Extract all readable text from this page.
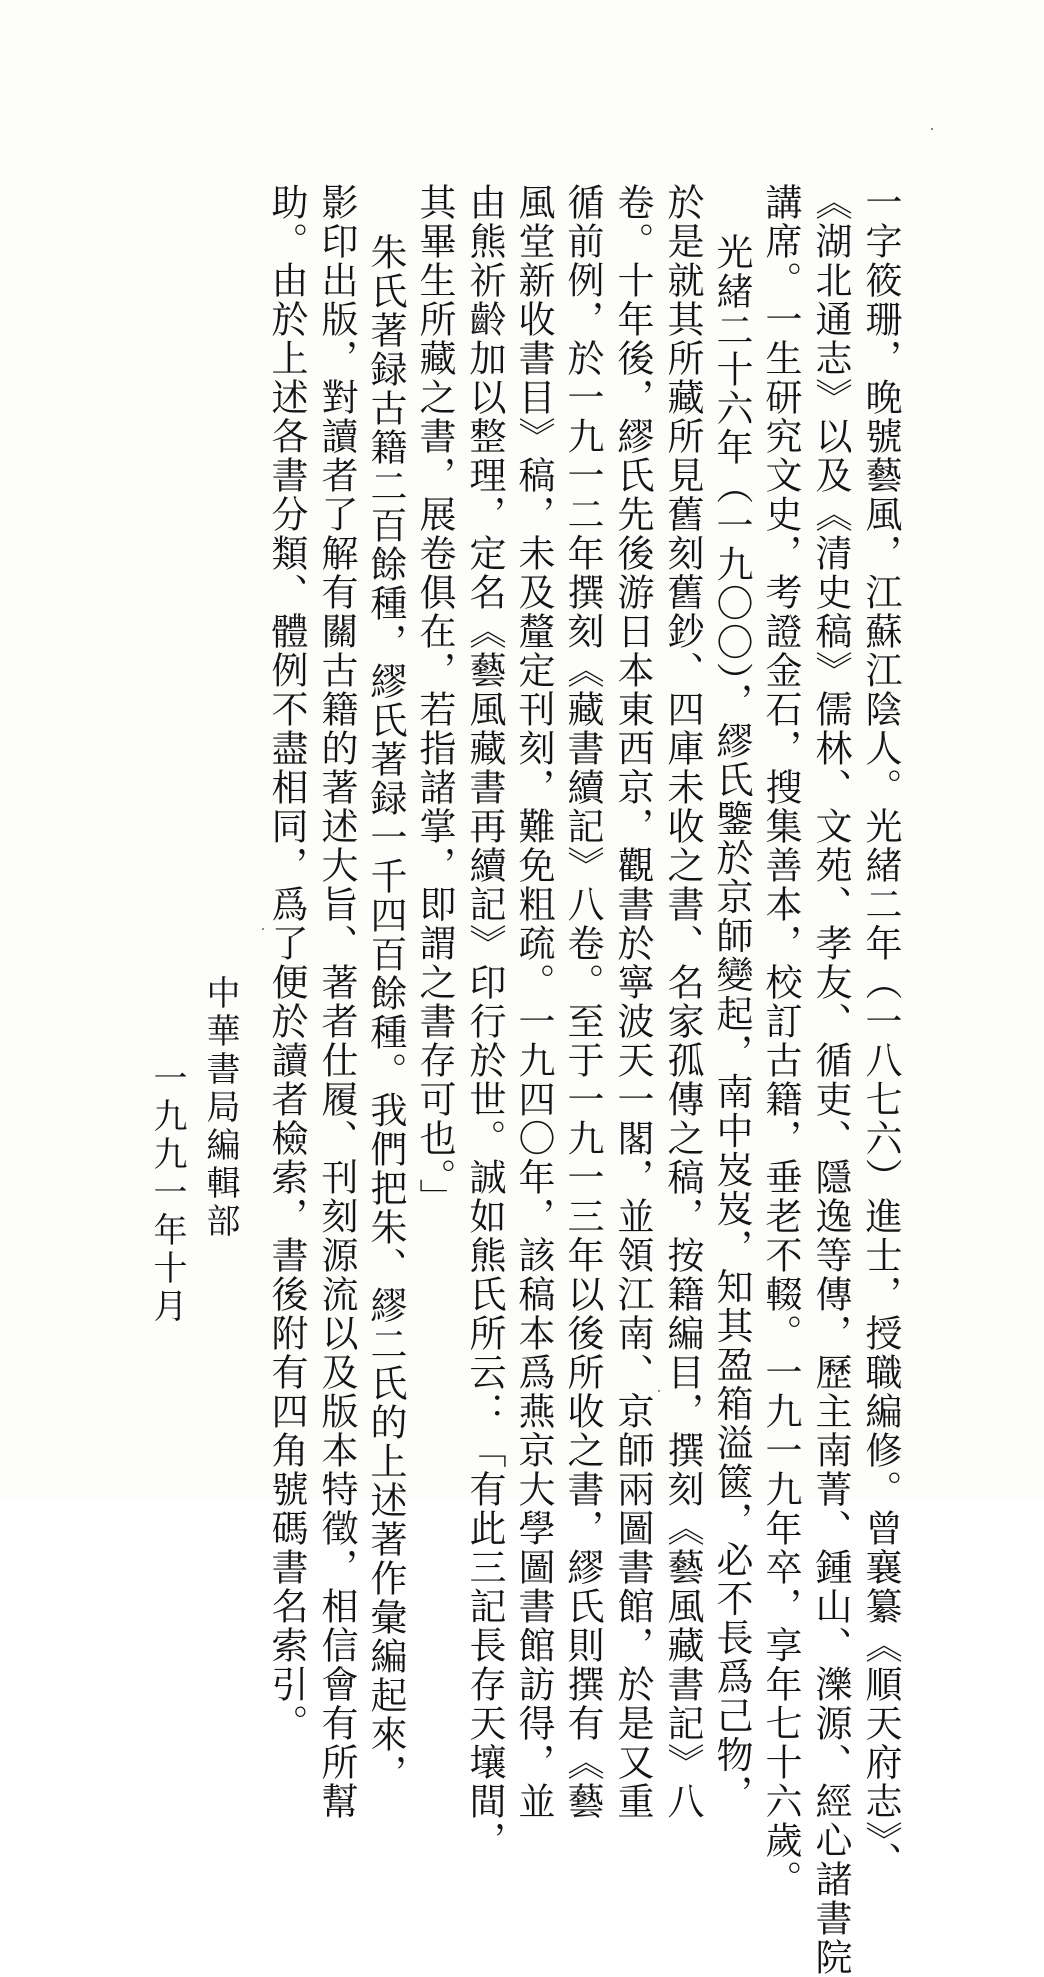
一字筱珊，晚號藝風，江蘇江陰人。光緒二年（一八七六）進士，授職編修。曾襄纂《順天府志》、
《湖北通志》以及《清史稿》儒林、文苑、孝友、循吏、隱逸等傳，歷主南菁、鍾山、濼源、經心諸書院
講席。一生研究文史，考證金石，搜集善本，校訂古籍，垂老不輟。一九一九年卒，享年七十六歲。
光緒二十六年（一九〇〇），繆氏鑒於京師變起，南中岌岌，知其盈箱溢篋，必不長爲己物，
於是就其所藏所見舊刻舊鈔、四庫未收之書、名家孤傳之稿，按籍編目，撰刻《藝風藏書記》八
卷。十年後，繆氏先後游日本東西京，觀書於寧波天一閣，並領江南、京師兩圖書館，於是又重
循前例，於一九一二年撰刻《藏書續記》八卷。至于一九一三年以後所收之書，繆氏則撰有《藝
風堂新收書目》稿，未及釐定刊刻，難免粗疏。一九四〇年，該稿本爲燕京大學圖書館訪得，並
由熊祈齡加以整理，定名《藝風藏書再續記》印行於世。誠如熊氏所云：「有此三記長存天壤間，
其畢生所藏之書，展卷俱在，若指諸掌，即謂之書存可也。」
朱氏著録古籍二百餘種，繆氏著録一千四百餘種。我們把朱、繆二氏的上述著作彙編起來，
影印出版，對讀者了解有關古籍的著述大旨、著者仕履、刊刻源流以及版本特徵，相信會有所幫
助。由於上述各書分類、體例不盡相同，爲了便於讀者檢索，書後附有四角號碼書名索引。
中華書局編輯部
一九九一年十月
